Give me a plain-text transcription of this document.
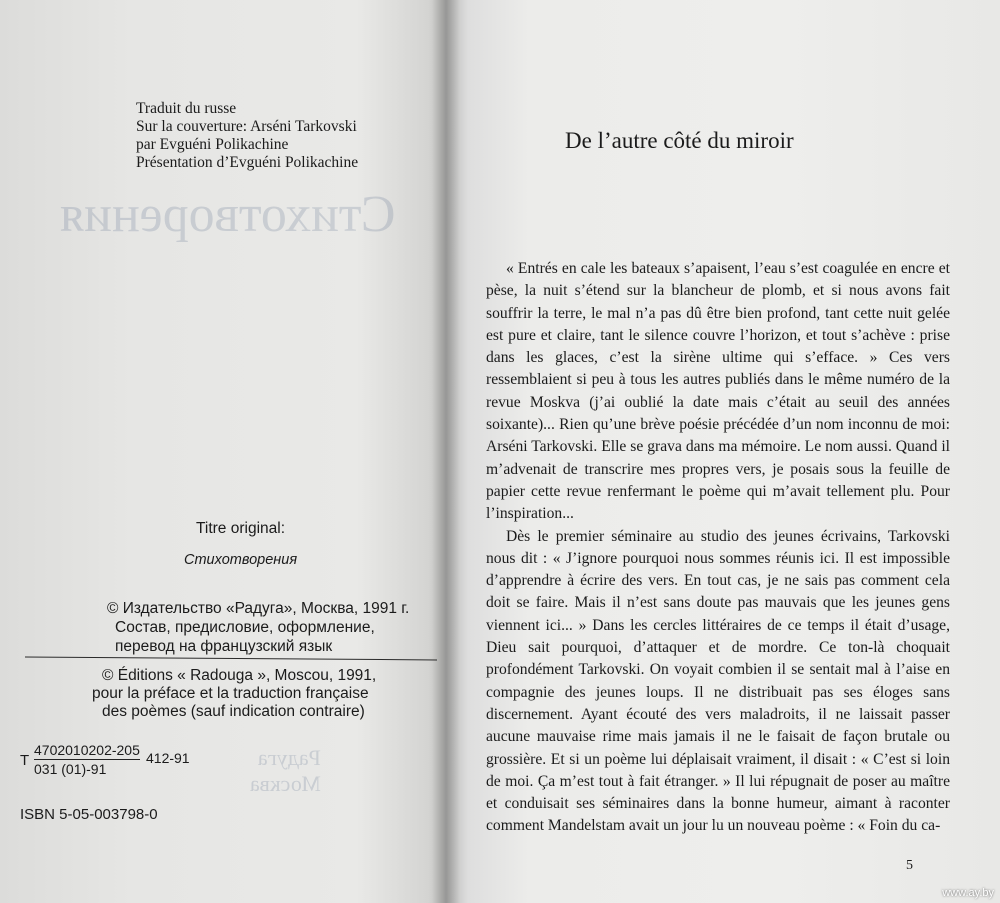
Стихотворения
Радуга
Москва
Traduit du russe
Sur la couverture: Arséni Tarkovski
par Evguéni Polikachine
Présentation d’Evguéni Polikachine
Titre original:
Стихотворения
© Издательство «Радуга», Москва, 1991 г.
Состав, предисловие, оформление,
перевод на французский язык
© Éditions « Radouga », Moscou, 1991,
pour la préface et la traduction française
des poèmes (sauf indication contraire)
T $\frac{4702010202-205}{031 (01)-91} 412-91$
ISBN 5-05-003798-0
De l’autre côté du miroir

« Entrés en cale les bateaux s’apaisent, l’eau s’est coagulée en encre et pèse, la nuit s’étend sur la blancheur de plomb, et si nous avons fait souffrir la terre, le mal n’a pas dû être bien profond, tant cette nuit gelée est pure et claire, tant le silence couvre l’horizon, et tout s’achève : prise dans les glaces, c’est la sirène ultime qui s’efface. » Ces vers ressemblaient si peu à tous les autres publiés dans le même numéro de la revue Moskva (j’ai oublié la date mais c’était au seuil des années soixante)... Rien qu’une brève poésie précédée d’un nom inconnu de moi: Arséni Tarkovski. Elle se grava dans ma mémoire. Le nom aussi. Quand il m’advenait de transcrire mes propres vers, je posais sous la feuille de papier cette revue renfermant le poème qui m’avait tellement plu. Pour l’inspiration...

Dès le premier séminaire au studio des jeunes écrivains, Tarkovski nous dit : « J’ignore pourquoi nous sommes réunis ici. Il est impossible d’apprendre à écrire des vers. En tout cas, je ne sais pas comment cela doit se faire. Mais il n’est sans doute pas mauvais que les jeunes gens viennent ici... » Dans les cercles littéraires de ce temps il était d’usage, Dieu sait pourquoi, d’attaquer et de mordre. Ce ton-là choquait profondément Tarkovski. On voyait combien il se sentait mal à l’aise en compagnie des jeunes loups. Il ne distribuait pas ses éloges sans discernement. Ayant écouté des vers maladroits, il ne laissait passer aucune mauvaise rime mais jamais il ne le faisait de façon brutale ou grossière. Et si un poème lui déplaisait vraiment, il disait : « C’est si loin de moi. Ça m’est tout à fait étranger. » Il lui répugnait de poser au maître et conduisait ses séminaires dans la bonne humeur, aimant à raconter comment Mandelstam avait un jour lu un nouveau poème : « Foin du ca-

5
www.ay.by
